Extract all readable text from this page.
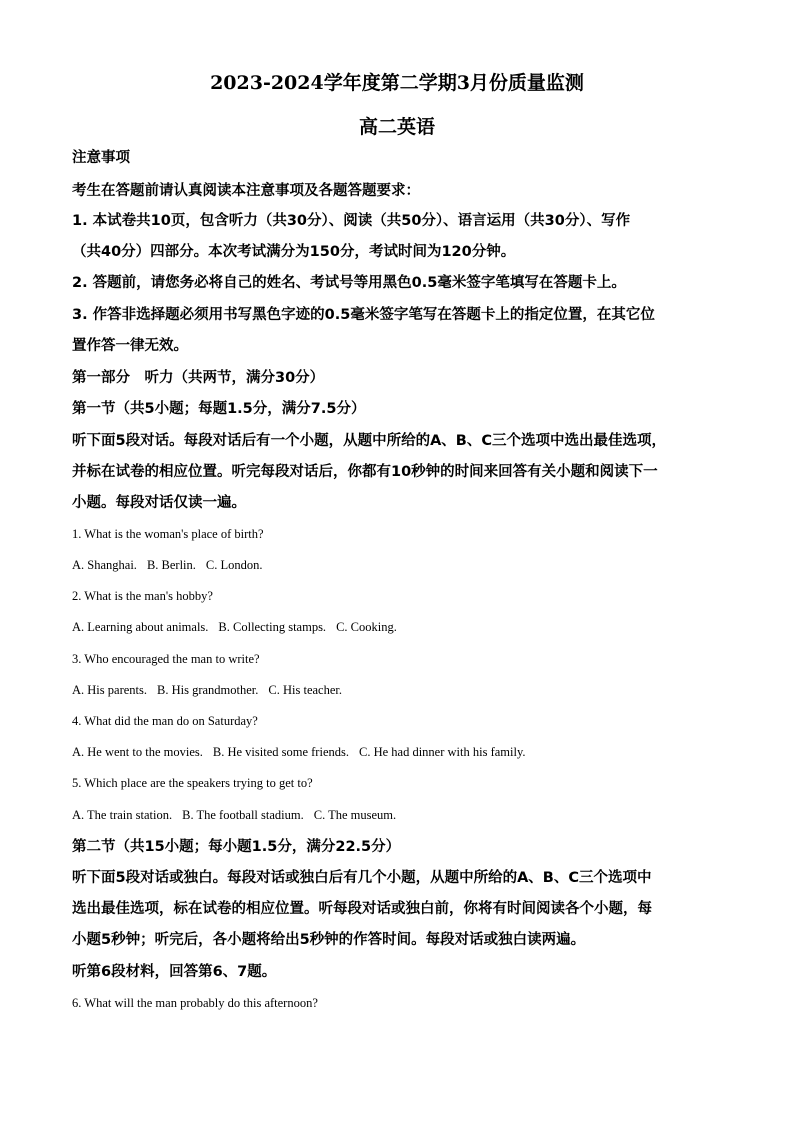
2023-2024学年度第二学期3月份质量监测
高二英语
注意事项
考生在答题前请认真阅读本注意事项及各题答题要求：
1. 本试卷共10页，包含听力（共30分）、阅读（共50分）、语言运用（共30分）、写作
（共40分）四部分。本次考试满分为150分，考试时间为120分钟。
2. 答题前，请您务必将自己的姓名、考试号等用黑色0.5毫米签字笔填写在答题卡上。
3. 作答非选择题必须用书写黑色字迹的0.5毫米签字笔写在答题卡上的指定位置，在其它位
置作答一律无效。
第一部分　听力（共两节，满分30分）
第一节（共5小题；每题1.5分，满分7.5分）
听下面5段对话。每段对话后有一个小题，从题中所给的A、B、C三个选项中选出最佳选项，
并标在试卷的相应位置。听完每段对话后，你都有10秒钟的时间来回答有关小题和阅读下一
小题。每段对话仅读一遍。
1. What is the woman's place of birth?
A. Shanghai. B. Berlin. C. London.
2. What is the man's hobby?
A. Learning about animals. B. Collecting stamps. C. Cooking.
3. Who encouraged the man to write?
A. His parents. B. His grandmother. C. His teacher.
4. What did the man do on Saturday?
A. He went to the movies. B. He visited some friends. C. He had dinner with his family.
5. Which place are the speakers trying to get to?
A. The train station. B. The football stadium. C. The museum.
第二节（共15小题；每小题1.5分，满分22.5分）
听下面5段对话或独白。每段对话或独白后有几个小题，从题中所给的A、B、C三个选项中
选出最佳选项，标在试卷的相应位置。听每段对话或独白前，你将有时间阅读各个小题，每
小题5秒钟；听完后，各小题将给出5秒钟的作答时间。每段对话或独白读两遍。
听第6段材料，回答第6、7题。
6. What will the man probably do this afternoon?
